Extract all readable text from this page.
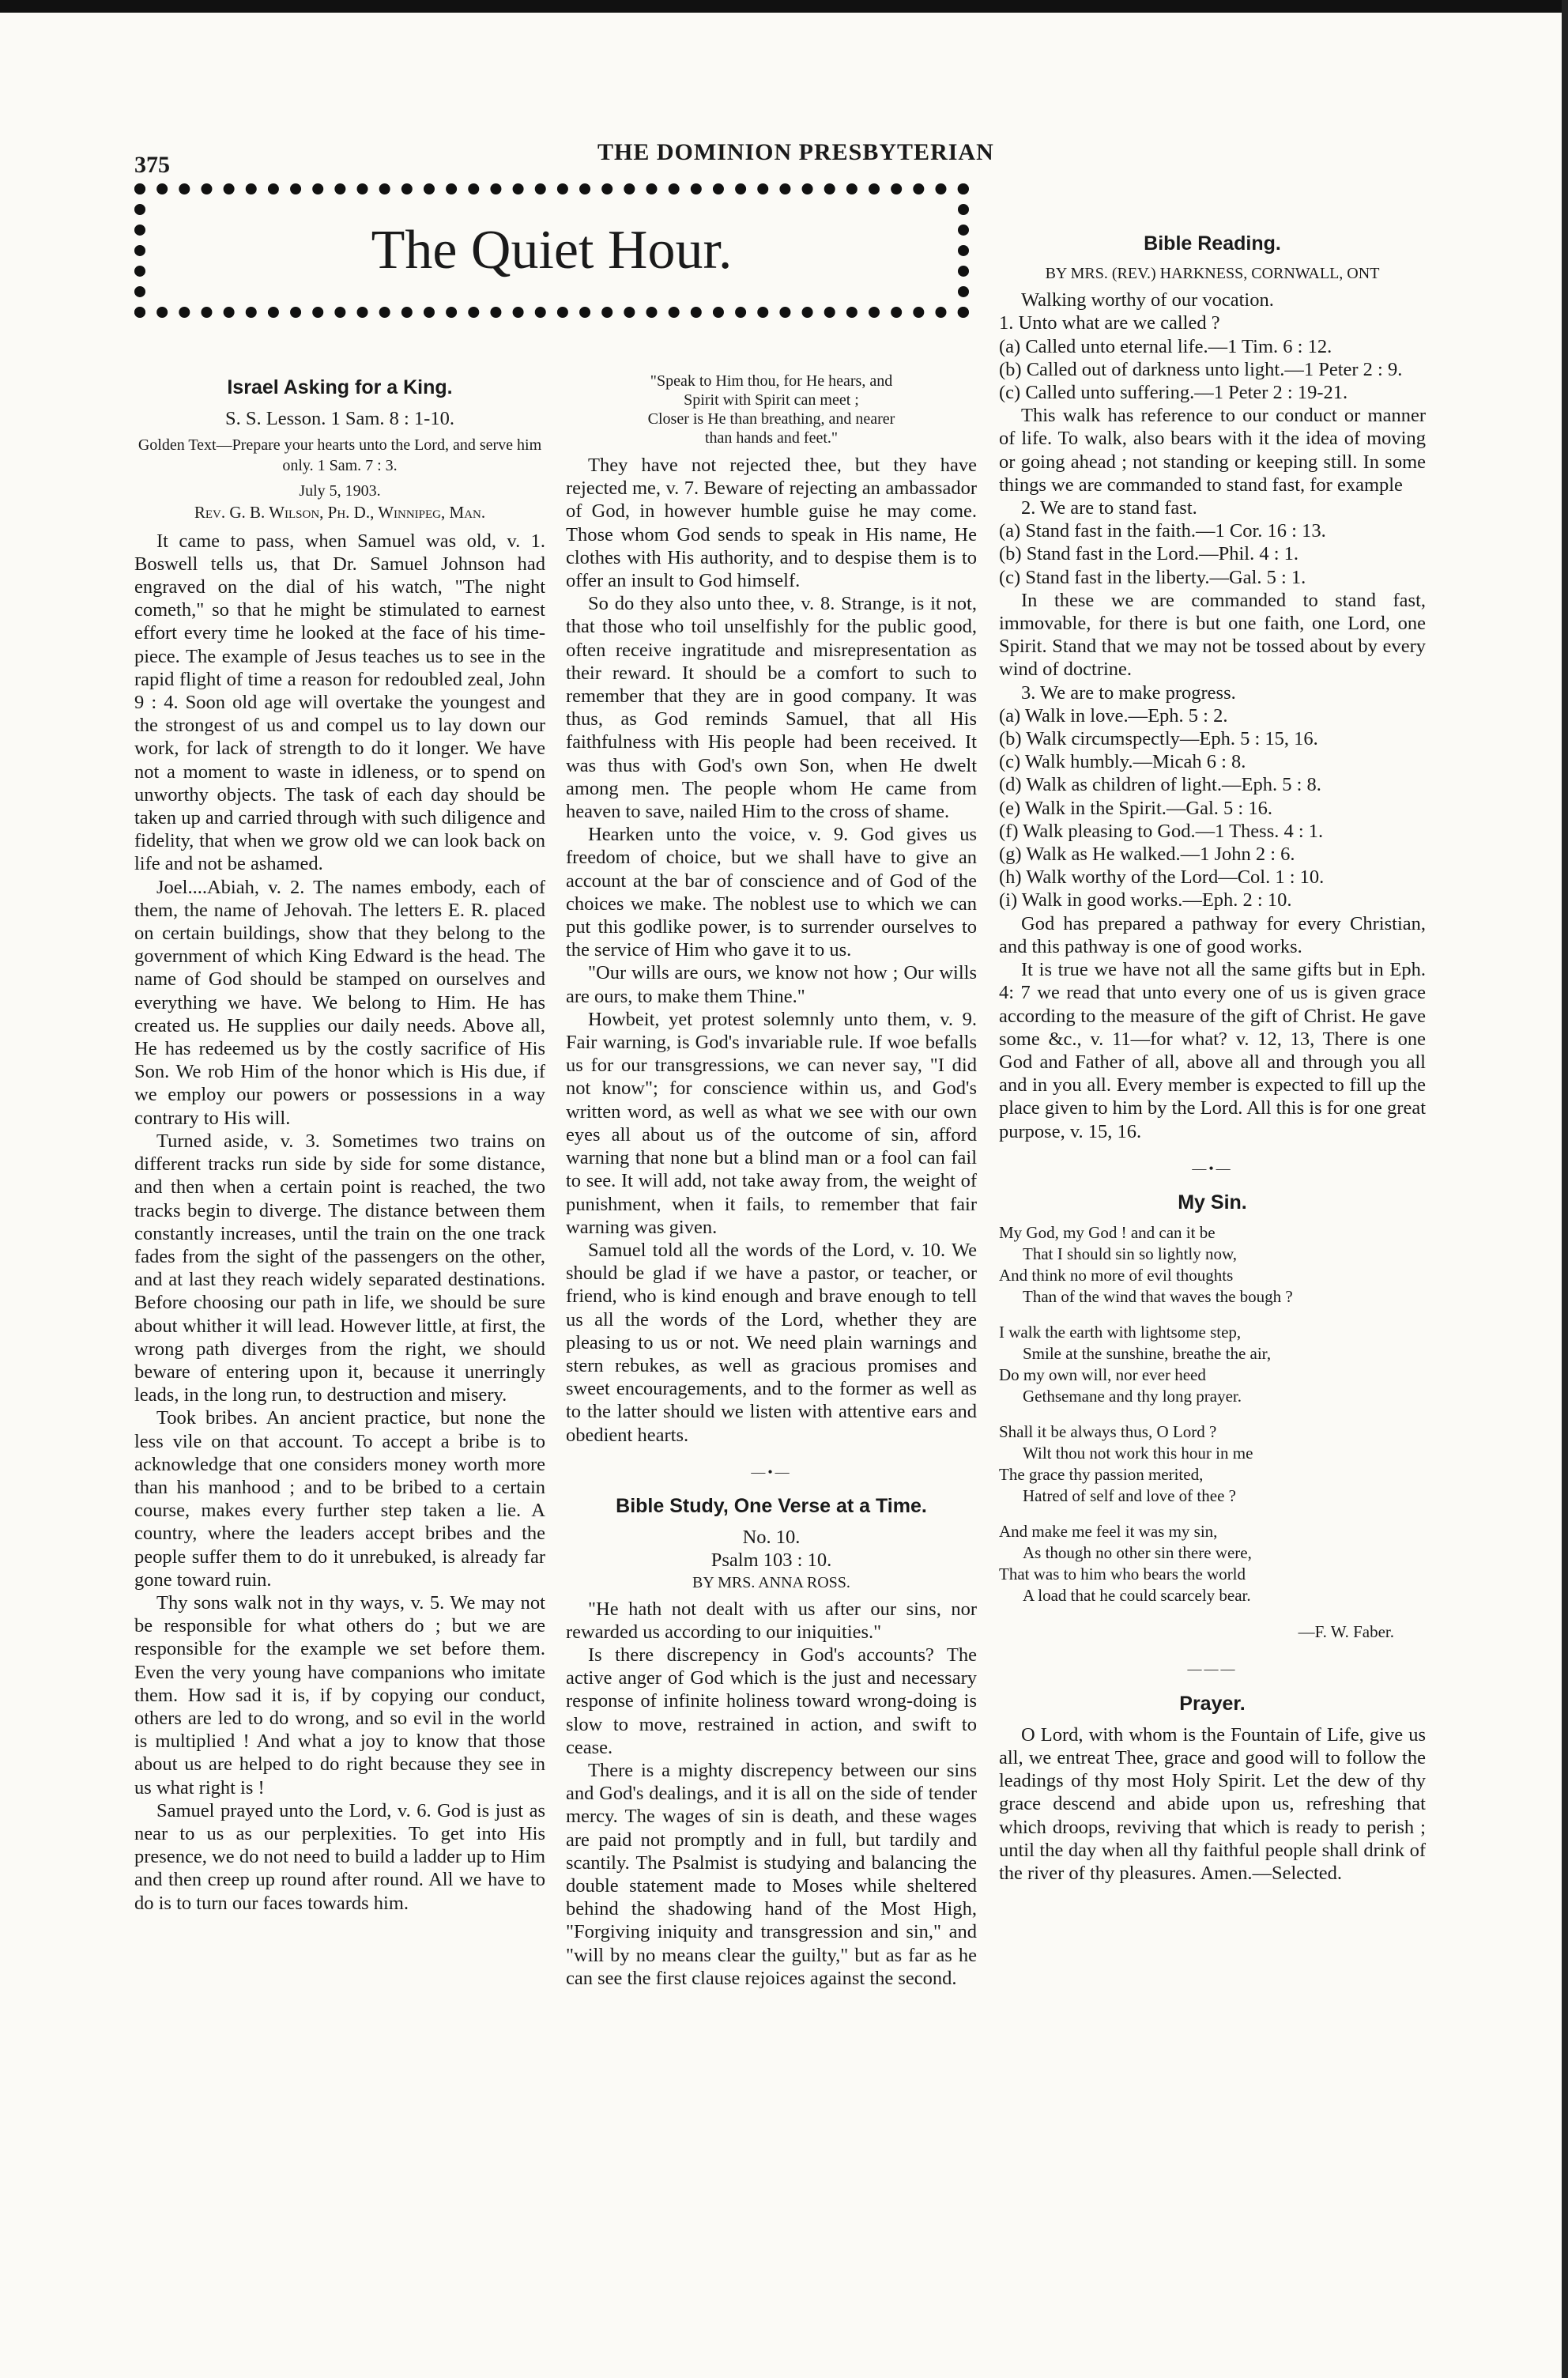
375	THE DOMINION PRESBYTERIAN
The Quiet Hour.
Israel Asking for a King.

S. S. Lesson. 1 Sam. 8 : 1-10.

Golden Text—Prepare your hearts unto the Lord, and serve him only. 1 Sam. 7 : 3.

July 5, 1903.

Rev. G. B. Wilson, Ph. D., Winnipeg, Man.

It came to pass, when Samuel was old, v. 1. Boswell tells us, that Dr. Samuel Johnson had engraved on the dial of his watch, "The night cometh," so that he might be stimulated to earnest effort every time he looked at the face of his time-piece. The example of Jesus teaches us to see in the rapid flight of time a reason for redoubled zeal, John 9 : 4. Soon old age will overtake the youngest and the strongest of us and compel us to lay down our work, for lack of strength to do it longer. We have not a moment to waste in idleness, or to spend on unworthy objects. The task of each day should be taken up and carried through with such diligence and fidelity, that when we grow old we can look back on life and not be ashamed.

Joel....Abiah, v. 2. The names embody, each of them, the name of Jehovah. The letters E. R. placed on certain buildings, show that they belong to the government of which King Edward is the head. The name of God should be stamped on ourselves and everything we have. We belong to Him. He has created us. He supplies our daily needs. Above all, He has redeemed us by the costly sacrifice of His Son. We rob Him of the honor which is His due, if we employ our powers or possessions in a way contrary to His will.

Turned aside, v. 3. Sometimes two trains on different tracks run side by side for some distance, and then when a certain point is reached, the two tracks begin to diverge. The distance between them constantly increases, until the train on the one track fades from the sight of the passengers on the other, and at last they reach widely separated destinations. Before choosing our path in life, we should be sure about whither it will lead. However little, at first, the wrong path diverges from the right, we should beware of entering upon it, because it unerringly leads, in the long run, to destruction and misery.

Took bribes. An ancient practice, but none the less vile on that account. To accept a bribe is to acknowledge that one considers money worth more than his manhood ; and to be bribed to a certain course, makes every further step taken a lie. A country, where the leaders accept bribes and the people suffer them to do it unrebuked, is already far gone toward ruin.

Thy sons walk not in thy ways, v. 5. We may not be responsible for what others do ; but we are responsible for the example we set before them. Even the very young have companions who imitate them. How sad it is, if by copying our conduct, others are led to do wrong, and so evil in the world is multiplied ! And what a joy to know that those about us are helped to do right because they see in us what right is !

Samuel prayed unto the Lord, v. 6. God is just as near to us as our perplexities. To get into His presence, we do not need to build a ladder up to Him and then creep up round after round. All we have to do is to turn our faces towards him.

"Speak to Him thou, for He hears, and
Spirit with Spirit can meet ;
Closer is He than breathing, and nearer
than hands and feet."

They have not rejected thee, but they have rejected me, v. 7. Beware of rejecting an ambassador of God, in however humble guise he may come. Those whom God sends to speak in His name, He clothes with His authority, and to despise them is to offer an insult to God himself.

So do they also unto thee, v. 8. Strange, is it not, that those who toil unselfishly for the public good, often receive ingratitude and misrepresentation as their reward. It should be a comfort to such to remember that they are in good company. It was thus, as God reminds Samuel, that all His faithfulness with His people had been received. It was thus with God's own Son, when He dwelt among men. The people whom He came from heaven to save, nailed Him to the cross of shame.

Hearken unto the voice, v. 9. God gives us freedom of choice, but we shall have to give an account at the bar of conscience and of God of the choices we make. The noblest use to which we can put this godlike power, is to surrender ourselves to the service of Him who gave it to us.

"Our wills are ours, we know not how ; Our wills are ours, to make them Thine."

Howbeit, yet protest solemnly unto them, v. 9. Fair warning, is God's invariable rule. If woe befalls us for our transgressions, we can never say, "I did not know"; for conscience within us, and God's written word, as well as what we see with our own eyes all about us of the outcome of sin, afford warning that none but a blind man or a fool can fail to see. It will add, not take away from, the weight of punishment, when it fails, to remember that fair warning was given.

Samuel told all the words of the Lord, v. 10. We should be glad if we have a pastor, or teacher, or friend, who is kind enough and brave enough to tell us all the words of the Lord, whether they are pleasing to us or not. We need plain warnings and stern rebukes, as well as gracious promises and sweet encouragements, and to the former as well as to the latter should we listen with attentive ears and obedient hearts.

—•—
Bible Study, One Verse at a Time.

No. 10.

Psalm 103 : 10.

BY MRS. ANNA ROSS.

"He hath not dealt with us after our sins, nor rewarded us according to our iniquities."

Is there discrepency in God's accounts? The active anger of God which is the just and necessary response of infinite holiness toward wrong-doing is slow to move, restrained in action, and swift to cease.

There is a mighty discrepency between our sins and God's dealings, and it is all on the side of tender mercy. The wages of sin is death, and these wages are paid not promptly and in full, but tardily and scantily. The Psalmist is studying and balancing the double statement made to Moses while sheltered behind the shadowing hand of the Most High, "Forgiving iniquity and transgression and sin," and "will by no means clear the guilty," but as far as he can see the first clause rejoices against the second.

Bible Reading.

BY MRS. (REV.) HARKNESS, CORNWALL, ONT

Walking worthy of our vocation.

1. Unto what are we called ?

(a) Called unto eternal life.—1 Tim. 6 : 12.

(b) Called out of darkness unto light.—1 Peter 2 : 9.

(c) Called unto suffering.—1 Peter 2 : 19-21.

This walk has reference to our conduct or manner of life. To walk, also bears with it the idea of moving or going ahead ; not standing or keeping still. In some things we are commanded to stand fast, for example

2. We are to stand fast.

(a) Stand fast in the faith.—1 Cor. 16 : 13.

(b) Stand fast in the Lord.—Phil. 4 : 1.

(c) Stand fast in the liberty.—Gal. 5 : 1.

In these we are commanded to stand fast, immovable, for there is but one faith, one Lord, one Spirit. Stand that we may not be tossed about by every wind of doctrine.

3. We are to make progress.

(a) Walk in love.—Eph. 5 : 2.

(b) Walk circumspectly—Eph. 5 : 15, 16.

(c) Walk humbly.—Micah 6 : 8.

(d) Walk as children of light.—Eph. 5 : 8.

(e) Walk in the Spirit.—Gal. 5 : 16.

(f) Walk pleasing to God.—1 Thess. 4 : 1.

(g) Walk as He walked.—1 John 2 : 6.

(h) Walk worthy of the Lord—Col. 1 : 10.

(i) Walk in good works.—Eph. 2 : 10.

God has prepared a pathway for every Christian, and this pathway is one of good works.

It is true we have not all the same gifts but in Eph. 4: 7 we read that unto every one of us is given grace according to the measure of the gift of Christ. He gave some &c., v. 11—for what? v. 12, 13, There is one God and Father of all, above all and through you all and in you all. Every member is expected to fill up the place given to him by the Lord. All this is for one great purpose, v. 15, 16.

—•—
My Sin.

My God, my God ! and can it be

That I should sin so lightly now,

And think no more of evil thoughts

Than of the wind that waves the bough ?

I walk the earth with lightsome step,

Smile at the sunshine, breathe the air,

Do my own will, nor ever heed

Gethsemane and thy long prayer.

Shall it be always thus, O Lord ?

Wilt thou not work this hour in me

The grace thy passion merited,

Hatred of self and love of thee ?

And make me feel it was my sin,

As though no other sin there were,

That was to him who bears the world

A load that he could scarcely bear.

—F. W. Faber.
———
Prayer.

O Lord, with whom is the Fountain of Life, give us all, we entreat Thee, grace and good will to follow the leadings of thy most Holy Spirit. Let the dew of thy grace descend and abide upon us, refreshing that which droops, reviving that which is ready to perish ; until the day when all thy faithful people shall drink of the river of thy pleasures. Amen.—Selected.
